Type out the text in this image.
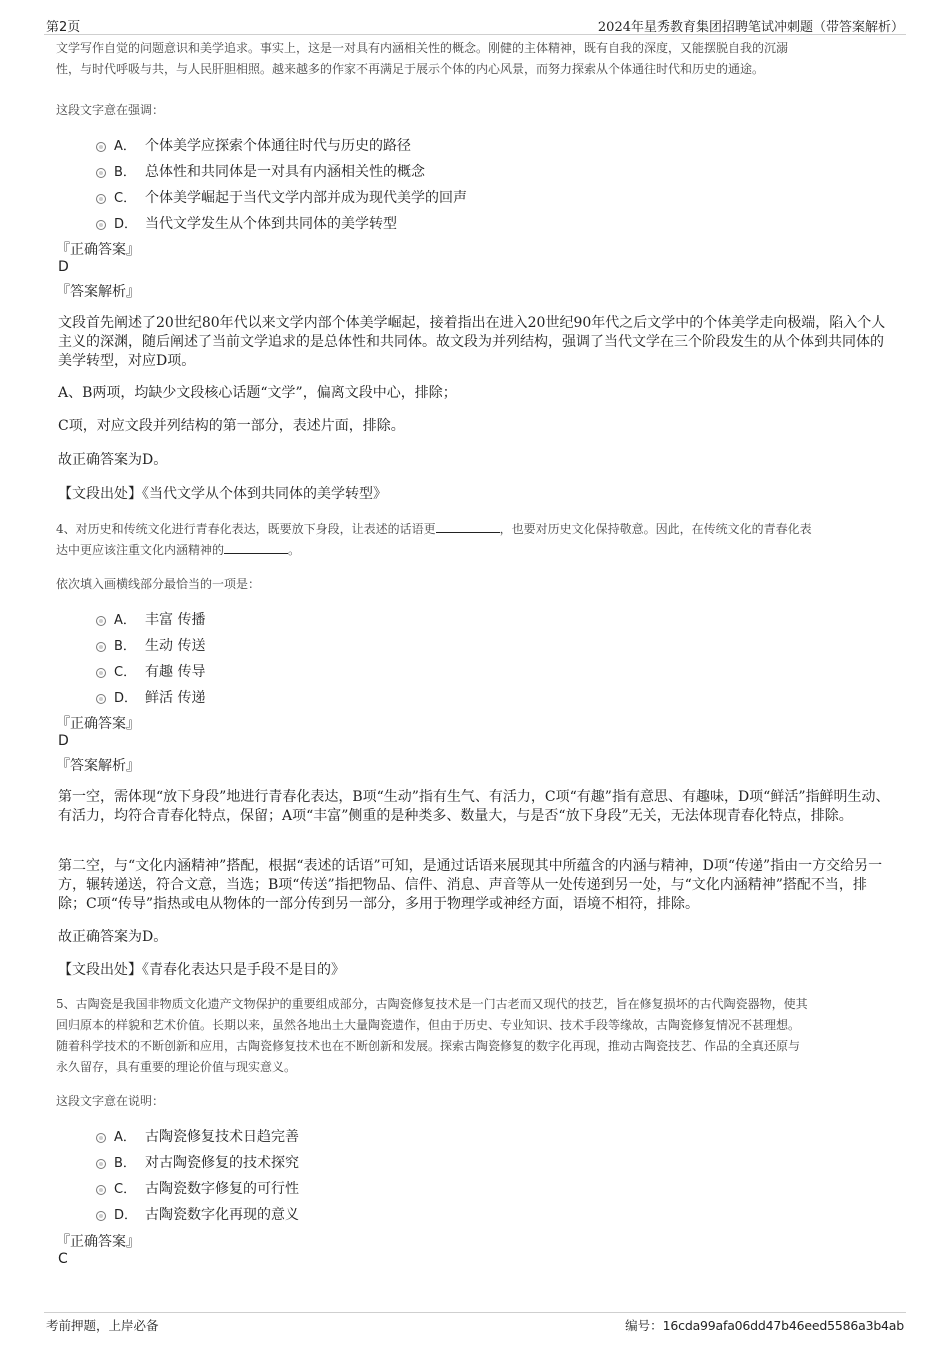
第2页	2024年星秀教育集团招聘笔试冲刺题（带答案解析）
文学写作自觉的问题意识和美学追求。事实上，这是一对具有内涵相关性的概念。刚健的主体精神，既有自我的深度，又能摆脱自我的沉溺
性，与时代呼吸与共，与人民肝胆相照。越来越多的作家不再满足于展示个体的内心风景，而努力探索从个体通往时代和历史的通途。
这段文字意在强调：
A． 个体美学应探索个体通往时代与历史的路径
B． 总体性和共同体是一对具有内涵相关性的概念
C． 个体美学崛起于当代文学内部并成为现代美学的回声
D． 当代文学发生从个体到共同体的美学转型
『正确答案』
D
『答案解析』
文段首先阐述了20世纪80年代以来文学内部个体美学崛起，接着指出在进入20世纪90年代之后文学中的个体美学走向极端，陷入个人主义的深渊，随后阐述了当前文学追求的是总体性和共同体。故文段为并列结构，强调了当代文学在三个阶段发生的从个体到共同体的美学转型，对应D项。
A、B两项，均缺少文段核心话题“文学”，偏离文段中心，排除；
C项，对应文段并列结构的第一部分，表述片面，排除。
故正确答案为D。
【文段出处】《当代文学从个体到共同体的美学转型》
4、对历史和传统文化进行青春化表达，既要放下身段，让表述的话语更	，也要对历史文化保持敬意。因此，在传统文化的青春化表
达中更应该注重文化内涵精神的	。
依次填入画横线部分最恰当的一项是：
A． 丰富 传播
B． 生动 传送
C． 有趣 传导
D． 鲜活 传递
『正确答案』
D
『答案解析』
第一空，需体现“放下身段”地进行青春化表达，B项“生动”指有生气、有活力，C项“有趣”指有意思、有趣味，D项“鲜活”指鲜明生动、有活力，均符合青春化特点，保留；A项“丰富”侧重的是种类多、数量大，与是否“放下身段”无关，无法体现青春化特点，排除。
第二空，与“文化内涵精神”搭配，根据“表述的话语”可知，是通过话语来展现其中所蕴含的内涵与精神，D项“传递”指由一方交给另一方，辗转递送，符合文意，当选；B项“传送”指把物品、信件、消息、声音等从一处传递到另一处，与“文化内涵精神”搭配不当，排除；C项“传导”指热或电从物体的一部分传到另一部分，多用于物理学或神经方面，语境不相符，排除。
故正确答案为D。
【文段出处】《青春化表达只是手段不是目的》
5、古陶瓷是我国非物质文化遗产文物保护的重要组成部分，古陶瓷修复技术是一门古老而又现代的技艺，旨在修复损坏的古代陶瓷器物，使其
回归原本的样貌和艺术价值。长期以来，虽然各地出土大量陶瓷遗作，但由于历史、专业知识、技术手段等缘故，古陶瓷修复情况不甚理想。
随着科学技术的不断创新和应用，古陶瓷修复技术也在不断创新和发展。探索古陶瓷修复的数字化再现，推动古陶瓷技艺、作品的全真还原与
永久留存，具有重要的理论价值与现实意义。
这段文字意在说明：
A． 古陶瓷修复技术日趋完善
B． 对古陶瓷修复的技术探究
C． 古陶瓷数字修复的可行性
D． 古陶瓷数字化再现的意义
『正确答案』
C
考前押题，上岸必备	编号：16cda99afa06dd47b46eed5586a3b4ab
